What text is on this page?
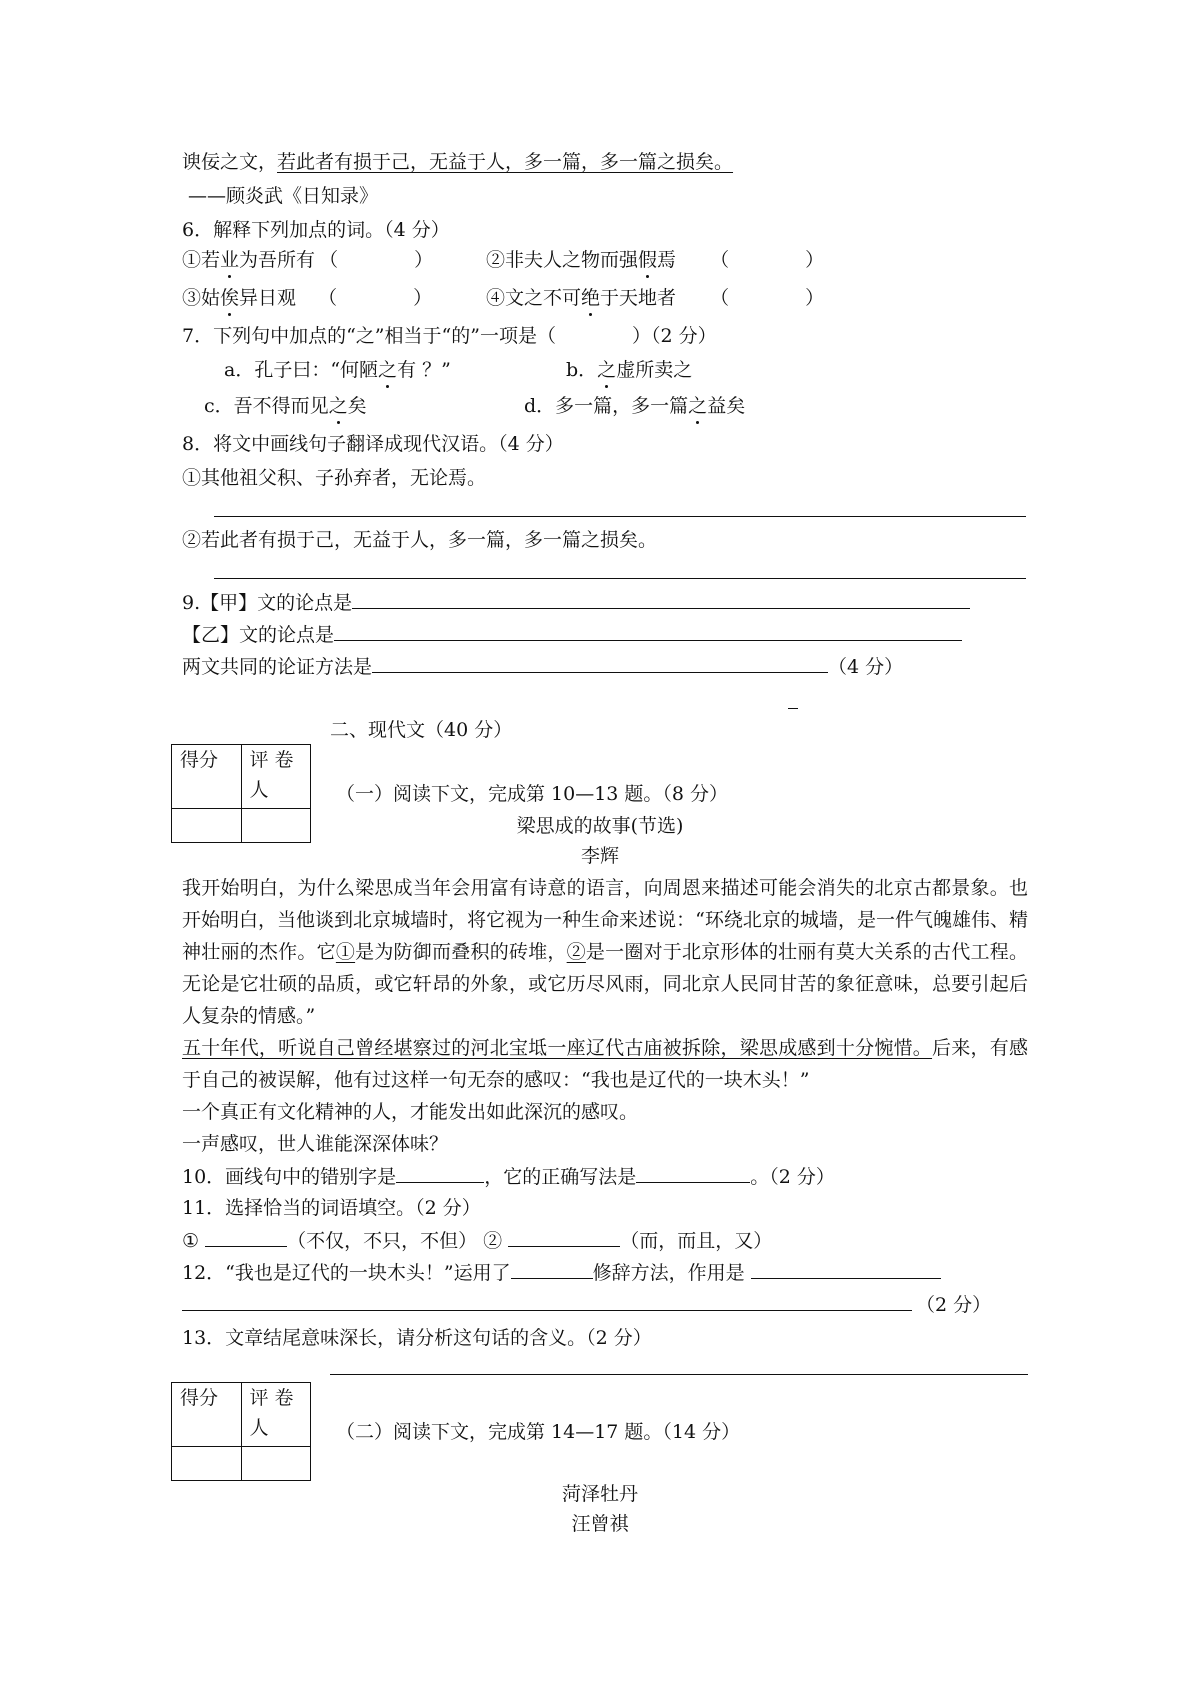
谀佞之文，若此者有损于己，无益于人，多一篇，多一篇之损矣。
——顾炎武《日知录》
6．解释下列加点的词。（4 分）
①若业为吾所有 （　　　　）	②非夫人之物而强假焉 （　　　　）
③姑俟异日观 （　　　　）	④文之不可绝于天地者 （　　　　）
7．下列句中加点的“之”相当于“的”一项是（　　　　）（2 分）
a．孔子曰：“何陋之有 ？”	b．之虚所卖之
c．吾不得而见之矣	d．多一篇，多一篇之益矣
8．将文中画线句子翻译成现代汉语。（4 分）
①其他祖父积、子孙弃者，无论焉。
②若此者有损于己，无益于人，多一篇，多一篇之损矣。
9.【甲】文的论点是
【乙】文的论点是
两文共同的论证方法是	（4 分）
二、现代文（40 分）
得分	评 卷 人
		（一）阅读下文，完成第 10—13 题。（8 分）
梁思成的故事(节选)
李辉
我开始明白，为什么梁思成当年会用富有诗意的语言，向周恩来描述可能会消失的北京古都景象。也开始明白，当他谈到北京城墙时，将它视为一种生命来述说：“环绕北京的城墙，是一件气魄雄伟、精神壮丽的杰作。它①是为防御而叠积的砖堆，②是一圈对于北京形体的壮丽有莫大关系的古代工程。无论是它壮硕的品质，或它轩昂的外象，或它历尽风雨，同北京人民同甘苦的象征意味，总要引起后人复杂的情感。”
五十年代，听说自己曾经堪察过的河北宝坻一座辽代古庙被拆除，梁思成感到十分惋惜。后来，有感于自己的被误解，他有过这样一句无奈的感叹：“我也是辽代的一块木头！”
一个真正有文化精神的人，才能发出如此深沉的感叹。
一声感叹，世人谁能深深体味？
10．画线句中的错别字是	，它的正确写法是	。（2 分）
11．选择恰当的词语填空。（2 分）
①	（不仅，不只，不但） ②	（而，而且，又）
12．“我也是辽代的一块木头！”运用了	修辞方法，作用是
（2 分）
13．文章结尾意味深长，请分析这句话的含义。（2 分）
得分	评 卷 人
		（二）阅读下文，完成第 14—17 题。（14 分）
菏泽牡丹
汪曾祺
